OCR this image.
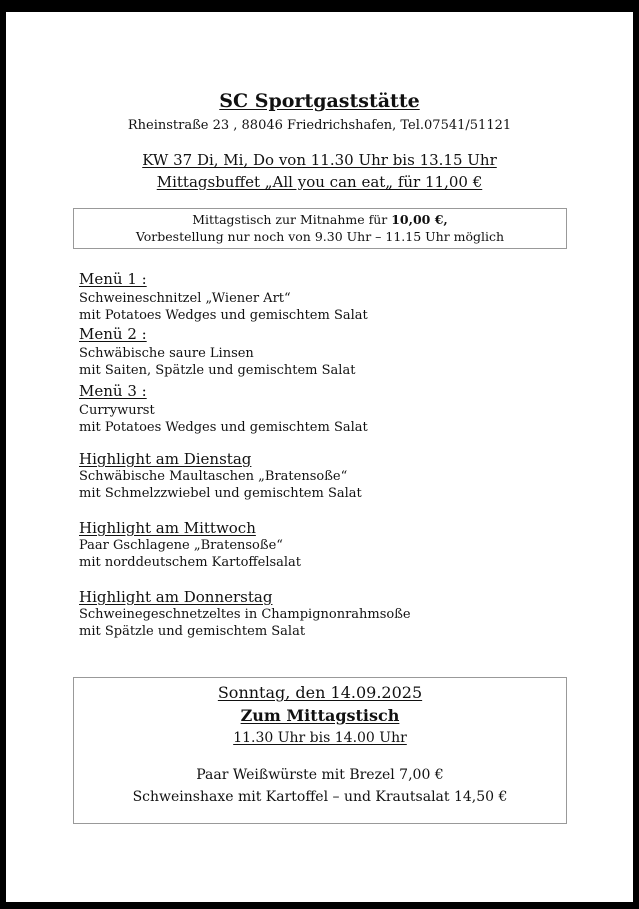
SC Sportgaststätte
Rheinstraße 23 , 88046 Friedrichshafen, Tel.07541/51121
KW 37 Di, Mi, Do von 11.30 Uhr bis 13.15 Uhr
Mittagsbuffet „All you can eat„ für 11,00 €
Mittagstisch zur Mitnahme für 10,00 €,
Vorbestellung nur noch von 9.30 Uhr – 11.15 Uhr möglich
Menü 1 :
Schweineschnitzel „Wiener Art“
mit Potatoes Wedges und gemischtem Salat
Menü 2 :
Schwäbische saure Linsen
mit Saiten, Spätzle und gemischtem Salat
Menü 3 :
Currywurst
mit Potatoes Wedges und gemischtem Salat
Highlight am Dienstag
Schwäbische Maultaschen „Bratensoße“
mit Schmelzzwiebel und gemischtem Salat
Highlight am Mittwoch
Paar Gschlagene „Bratensoße“
mit norddeutschem Kartoffelsalat
Highlight am Donnerstag
Schweinegeschnetzeltes in Champignonrahmsoße
mit Spätzle und gemischtem Salat
Sonntag, den 14.09.2025
Zum Mittagstisch
11.30 Uhr bis 14.00 Uhr
Paar Weißwürste mit Brezel 7,00 €
Schweinshaxe mit Kartoffel – und Krautsalat 14,50 €
